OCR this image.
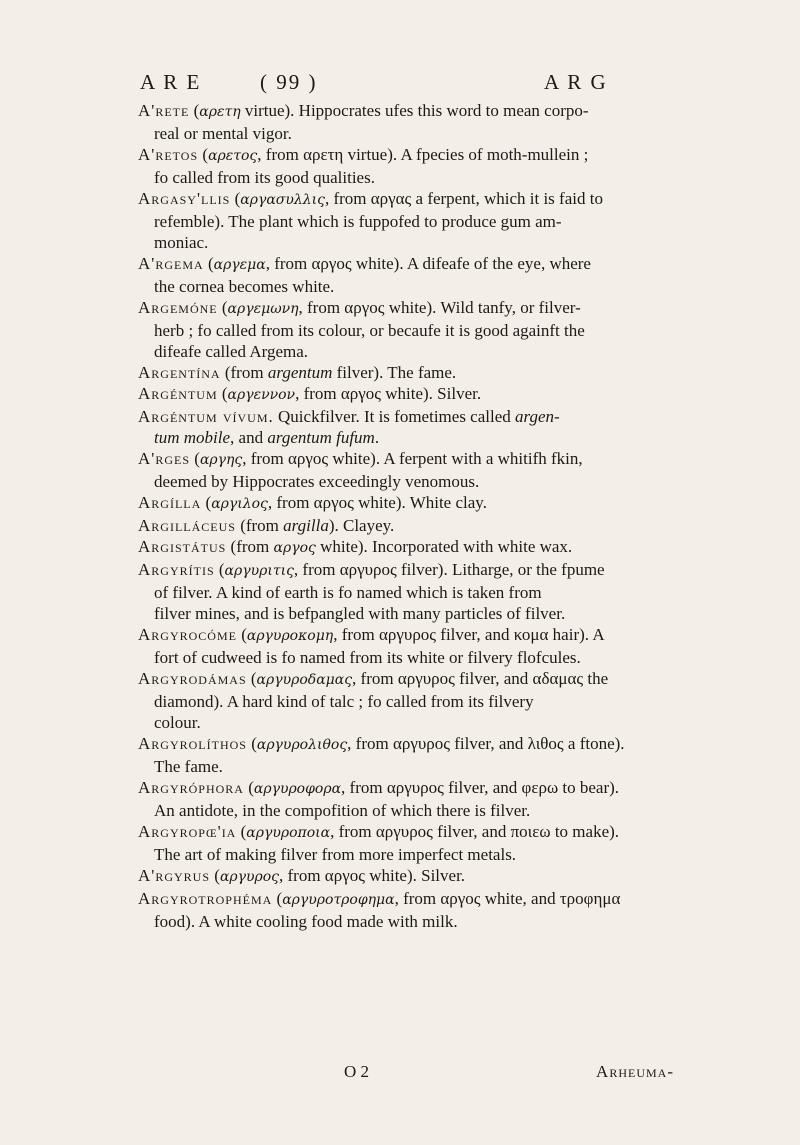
A R E	( 99 )	A R G
A'rete (αρετη virtue). Hippocrates ufes this word to mean corpo-
real or mental vigor.
A'retos (αρετος, from αρετη virtue). A fpecies of moth-mullein ;
fo called from its good qualities.
Argasy'llis (αργασυλλις, from αργας a ferpent, which it is faid to
refemble). The plant which is fuppofed to produce gum am-
moniac.
A'rgema (αργεμα, from αργος white). A difeafe of the eye, where
the cornea becomes white.
Argemóne (αργεμωνη, from αργος white). Wild tanfy, or filver-
herb ; fo called from its colour, or becaufe it is good againft the
difeafe called Argema.
Argentína (from argentum filver). The fame.
Argéntum (αργεννον, from αργος white). Silver.
Argéntum vívum. Quickfilver. It is fometimes called argen-
tum mobile, and argentum fufum.
A'rges (αργης, from αργος white). A ferpent with a whitifh fkin,
deemed by Hippocrates exceedingly venomous.
Argílla (αργιλος, from αργος white). White clay.
Argilláceus (from argilla). Clayey.
Argistátus (from αργος white). Incorporated with white wax.
Argyrítis (αργυριτις, from αργυρος filver). Litharge, or the fpume
of filver. A kind of earth is fo named which is taken from
filver mines, and is befpangled with many particles of filver.
Argyrocóme (αργυροκομη, from αργυρος filver, and κομα hair). A
fort of cudweed is fo named from its white or filvery flofcules.
Argyrodámas (αργυροδαμας, from αργυρος filver, and αδαμας the
diamond). A hard kind of talc ; fo called from its filvery
colour.
Argyrolíthos (αργυρολιθος, from αργυρος filver, and λιθος a ftone).
The fame.
Argyróphora (αργυροφορα, from αργυρος filver, and φερω to bear).
An antidote, in the compofition of which there is filver.
Argyropœ'ia (αργυροποια, from αργυρος filver, and ποιεω to make).
The art of making filver from more imperfect metals.
A'rgyrus (αργυρος, from αργος white). Silver.
Argyrotrophéma (αργυροτροφημα, from αργος white, and τροφημα
food). A white cooling food made with milk.
O 2	Arheuma-
